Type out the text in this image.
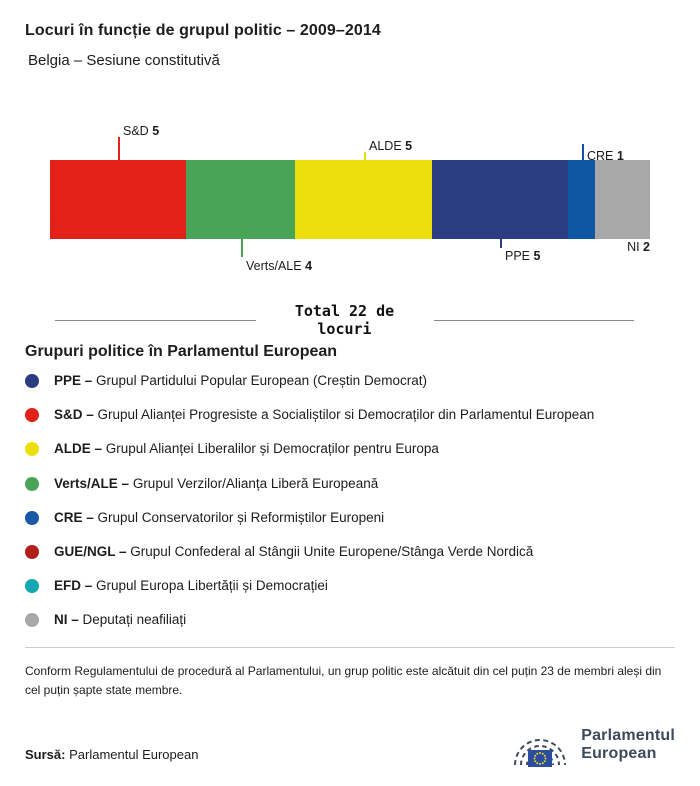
Locuri în funcție de grupul politic – 2009–2014
Belgia – Sesiune constitutivă
S&D 5
ALDE 5
CRE 1
Verts/ALE 4
PPE 5
NI 2
Total 22 de locuri
Grupuri politice în Parlamentul European
PPE – Grupul Partidului Popular European (Creștin Democrat)
S&D – Grupul Alianței Progresiste a Socialiștilor si Democraților din Parlamentul European
ALDE – Grupul Alianței Liberalilor și Democraților pentru Europa
Verts/ALE – Grupul Verzilor/Alianța Liberă Europeană
CRE – Grupul Conservatorilor și Reformiștilor Europeni
GUE/NGL – Grupul Confederal al Stângii Unite Europene/Stânga Verde Nordică
EFD – Grupul Europa Libertății și Democrației
NI – Deputați neafiliați

Conform Regulamentului de procedură al Parlamentului, un grup politic este alcătuit din cel puțin 23 de membri aleși din cel puțin șapte state membre.

Sursă: Parlamentul European
Parlamentul
European
